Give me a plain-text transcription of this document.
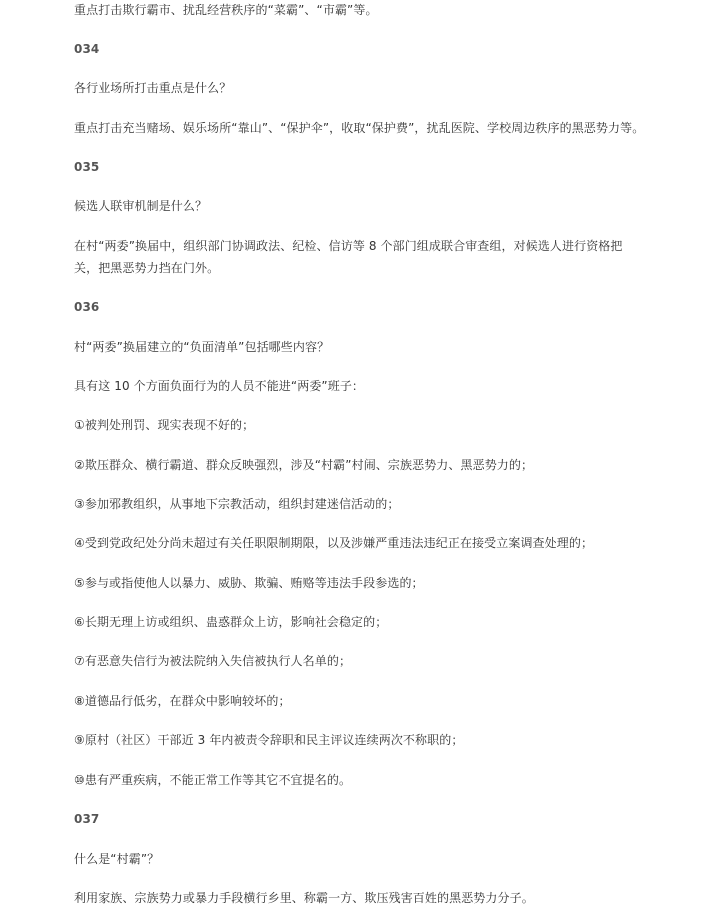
重点打击欺行霸市、扰乱经营秩序的“菜霸”、“市霸”等。

034

各行业场所打击重点是什么？

重点打击充当赌场、娱乐场所“靠山”、“保护伞”，收取“保护费”，扰乱医院、学校周边秩序的黑恶势力等。

035

候选人联审机制是什么？

在村“两委”换届中，组织部门协调政法、纪检、信访等 8 个部门组成联合审查组，对候选人进行资格把关，把黑恶势力挡在门外。

036

村“两委”换届建立的“负面清单”包括哪些内容？

具有这 10 个方面负面行为的人员不能进“两委”班子：

①被判处刑罚、现实表现不好的；

②欺压群众、横行霸道、群众反映强烈，涉及“村霸”村闹、宗族恶势力、黑恶势力的；

③参加邪教组织，从事地下宗教活动，组织封建迷信活动的；

④受到党政纪处分尚未超过有关任职限制期限，以及涉嫌严重违法违纪正在接受立案调查处理的；

⑤参与或指使他人以暴力、威胁、欺骗、贿赂等违法手段参选的；

⑥长期无理上访或组织、蛊惑群众上访，影响社会稳定的；

⑦有恶意失信行为被法院纳入失信被执行人名单的；

⑧道德品行低劣，在群众中影响较坏的；

⑨原村（社区）干部近 3 年内被责令辞职和民主评议连续两次不称职的；

⑩患有严重疾病，不能正常工作等其它不宜提名的。

037

什么是“村霸”？

利用家族、宗族势力或暴力手段横行乡里、称霸一方、欺压残害百姓的黑恶势力分子。
